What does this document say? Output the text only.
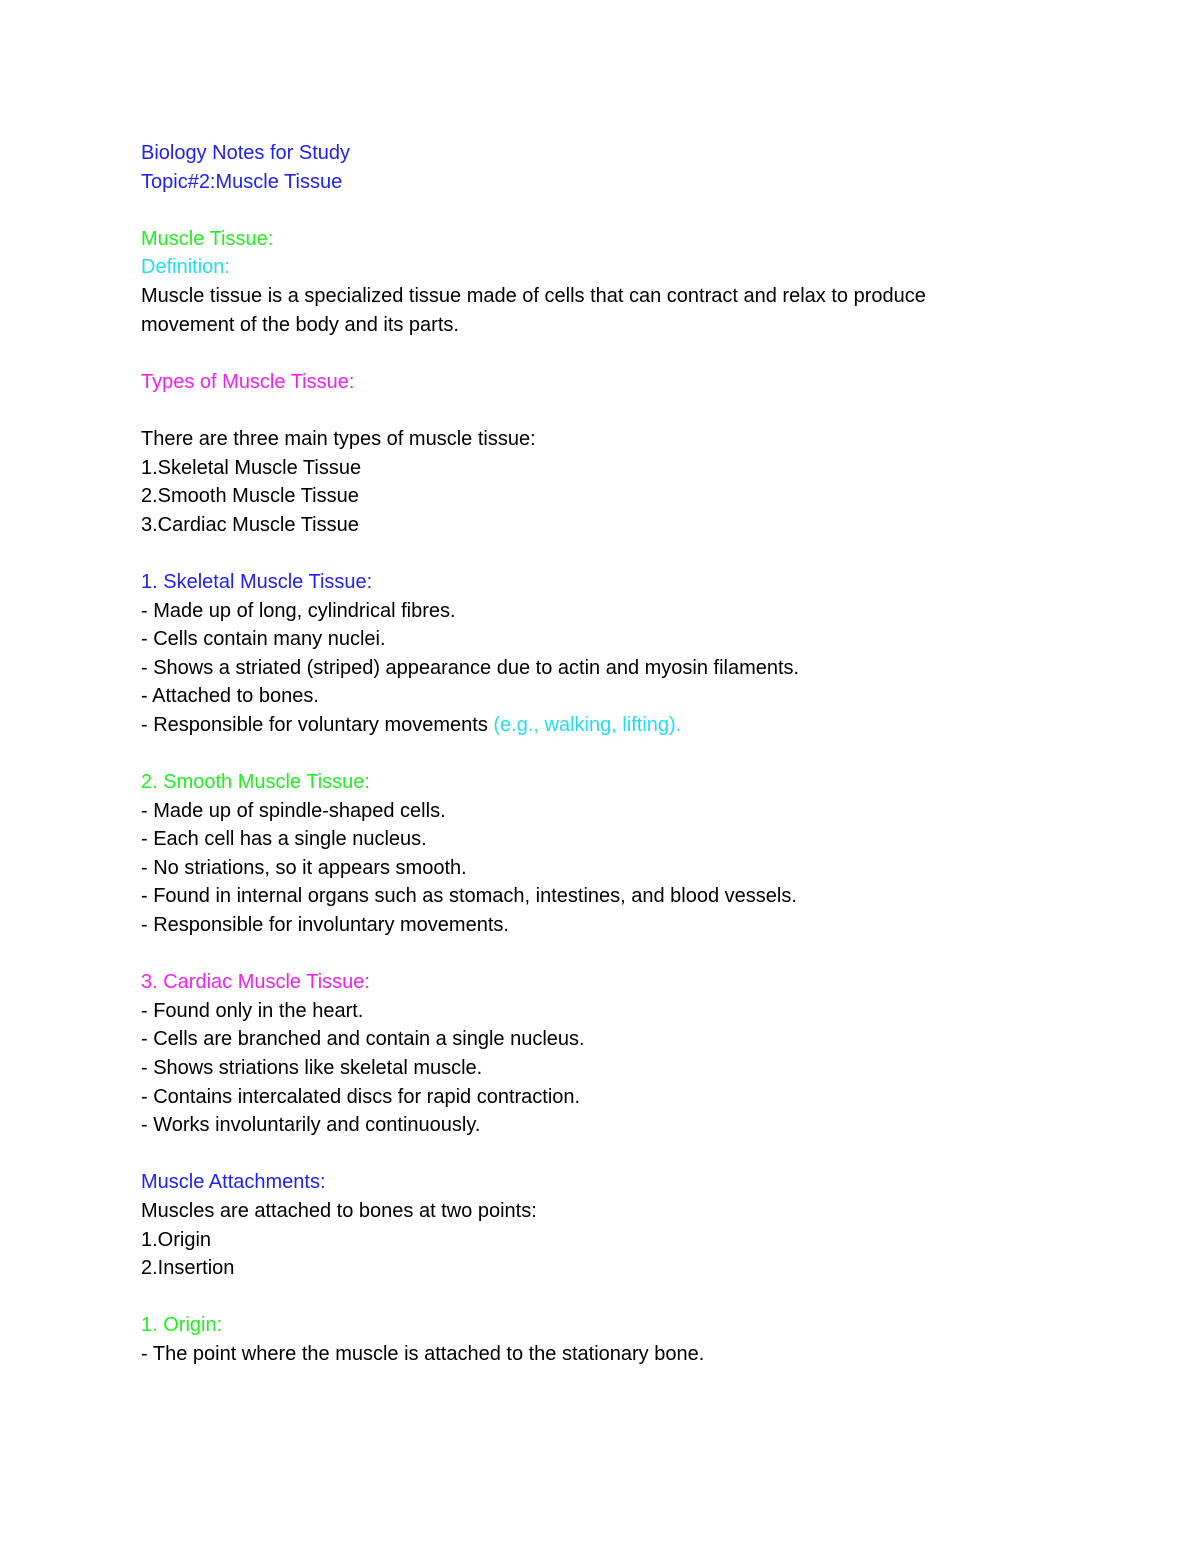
Biology Notes for Study

Topic#2:Muscle Tissue

Muscle Tissue:

Definition:

Muscle tissue is a specialized tissue made of cells that can contract and relax to produce

movement of the body and its parts.

Types of Muscle Tissue:

There are three main types of muscle tissue:

1.Skeletal Muscle Tissue

2.Smooth Muscle Tissue

3.Cardiac Muscle Tissue

1. Skeletal Muscle Tissue:

- Made up of long, cylindrical fibres.

- Cells contain many nuclei.

- Shows a striated (striped) appearance due to actin and myosin filaments.

- Attached to bones.

- Responsible for voluntary movements (e.g., walking, lifting).

2. Smooth Muscle Tissue:

- Made up of spindle-shaped cells.

- Each cell has a single nucleus.

- No striations, so it appears smooth.

- Found in internal organs such as stomach, intestines, and blood vessels.

- Responsible for involuntary movements.

3. Cardiac Muscle Tissue:

- Found only in the heart.

- Cells are branched and contain a single nucleus.

- Shows striations like skeletal muscle.

- Contains intercalated discs for rapid contraction.

- Works involuntarily and continuously.

Muscle Attachments:

Muscles are attached to bones at two points:

1.Origin

2.Insertion

1. Origin:

- The point where the muscle is attached to the stationary bone.
